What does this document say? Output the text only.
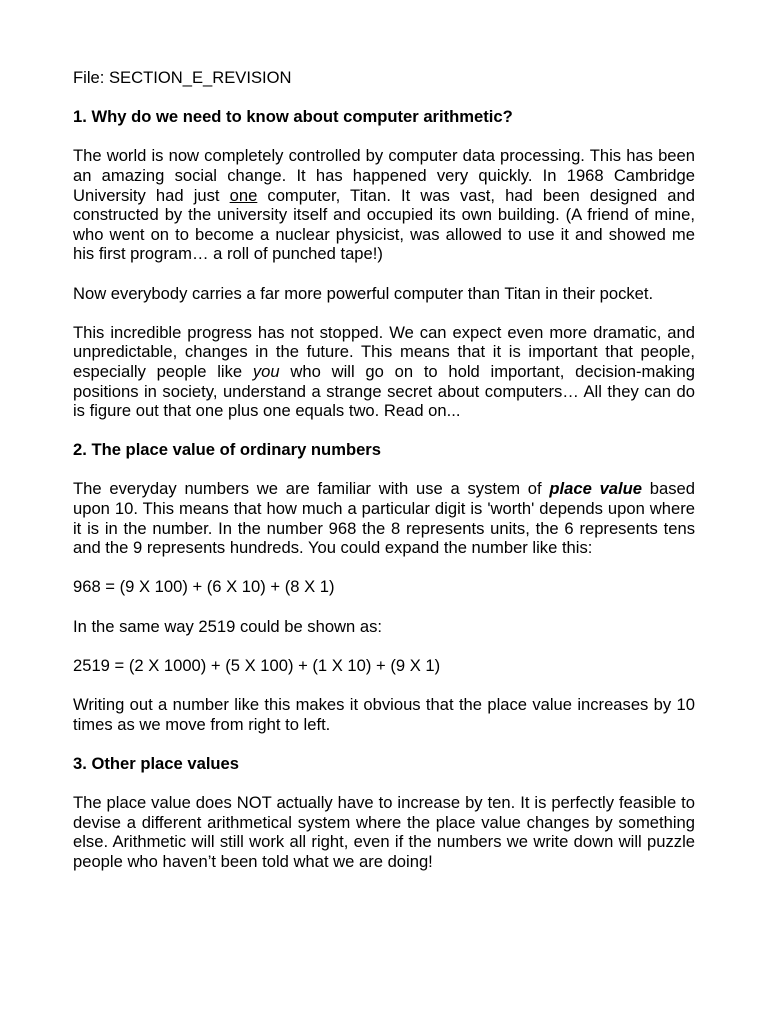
File: SECTION_E_REVISION

1. Why do we need to know about computer arithmetic?

The world is now completely controlled by computer data processing. This has been an amazing social change. It has happened very quickly. In 1968 Cambridge University had just one computer, Titan. It was vast, had been designed and constructed by the university itself and occupied its own building. (A friend of mine, who went on to become a nuclear physicist, was allowed to use it and showed me his first program… a roll of punched tape!)

Now everybody carries a far more powerful computer than Titan in their pocket.

This incredible progress has not stopped. We can expect even more dramatic, and unpredictable, changes in the future. This means that it is important that people, especially people like you who will go on to hold important, decision-making positions in society, understand a strange secret about computers… All they can do is figure out that one plus one equals two. Read on...

2. The place value of ordinary numbers

The everyday numbers we are familiar with use a system of place value based upon 10. This means that how much a particular digit is 'worth' depends upon where it is in the number. In the number 968 the 8 represents units, the 6 represents tens and the 9 represents hundreds. You could expand the number like this:

968 = (9 X 100) + (6 X 10) + (8 X 1)

In the same way 2519 could be shown as:

2519 = (2 X 1000) + (5 X 100) + (1 X 10) + (9 X 1)

Writing out a number like this makes it obvious that the place value increases by 10 times as we move from right to left.

3. Other place values

The place value does NOT actually have to increase by ten. It is perfectly feasible to devise a different arithmetical system where the place value changes by something else. Arithmetic will still work all right, even if the numbers we write down will puzzle people who haven’t been told what we are doing!
